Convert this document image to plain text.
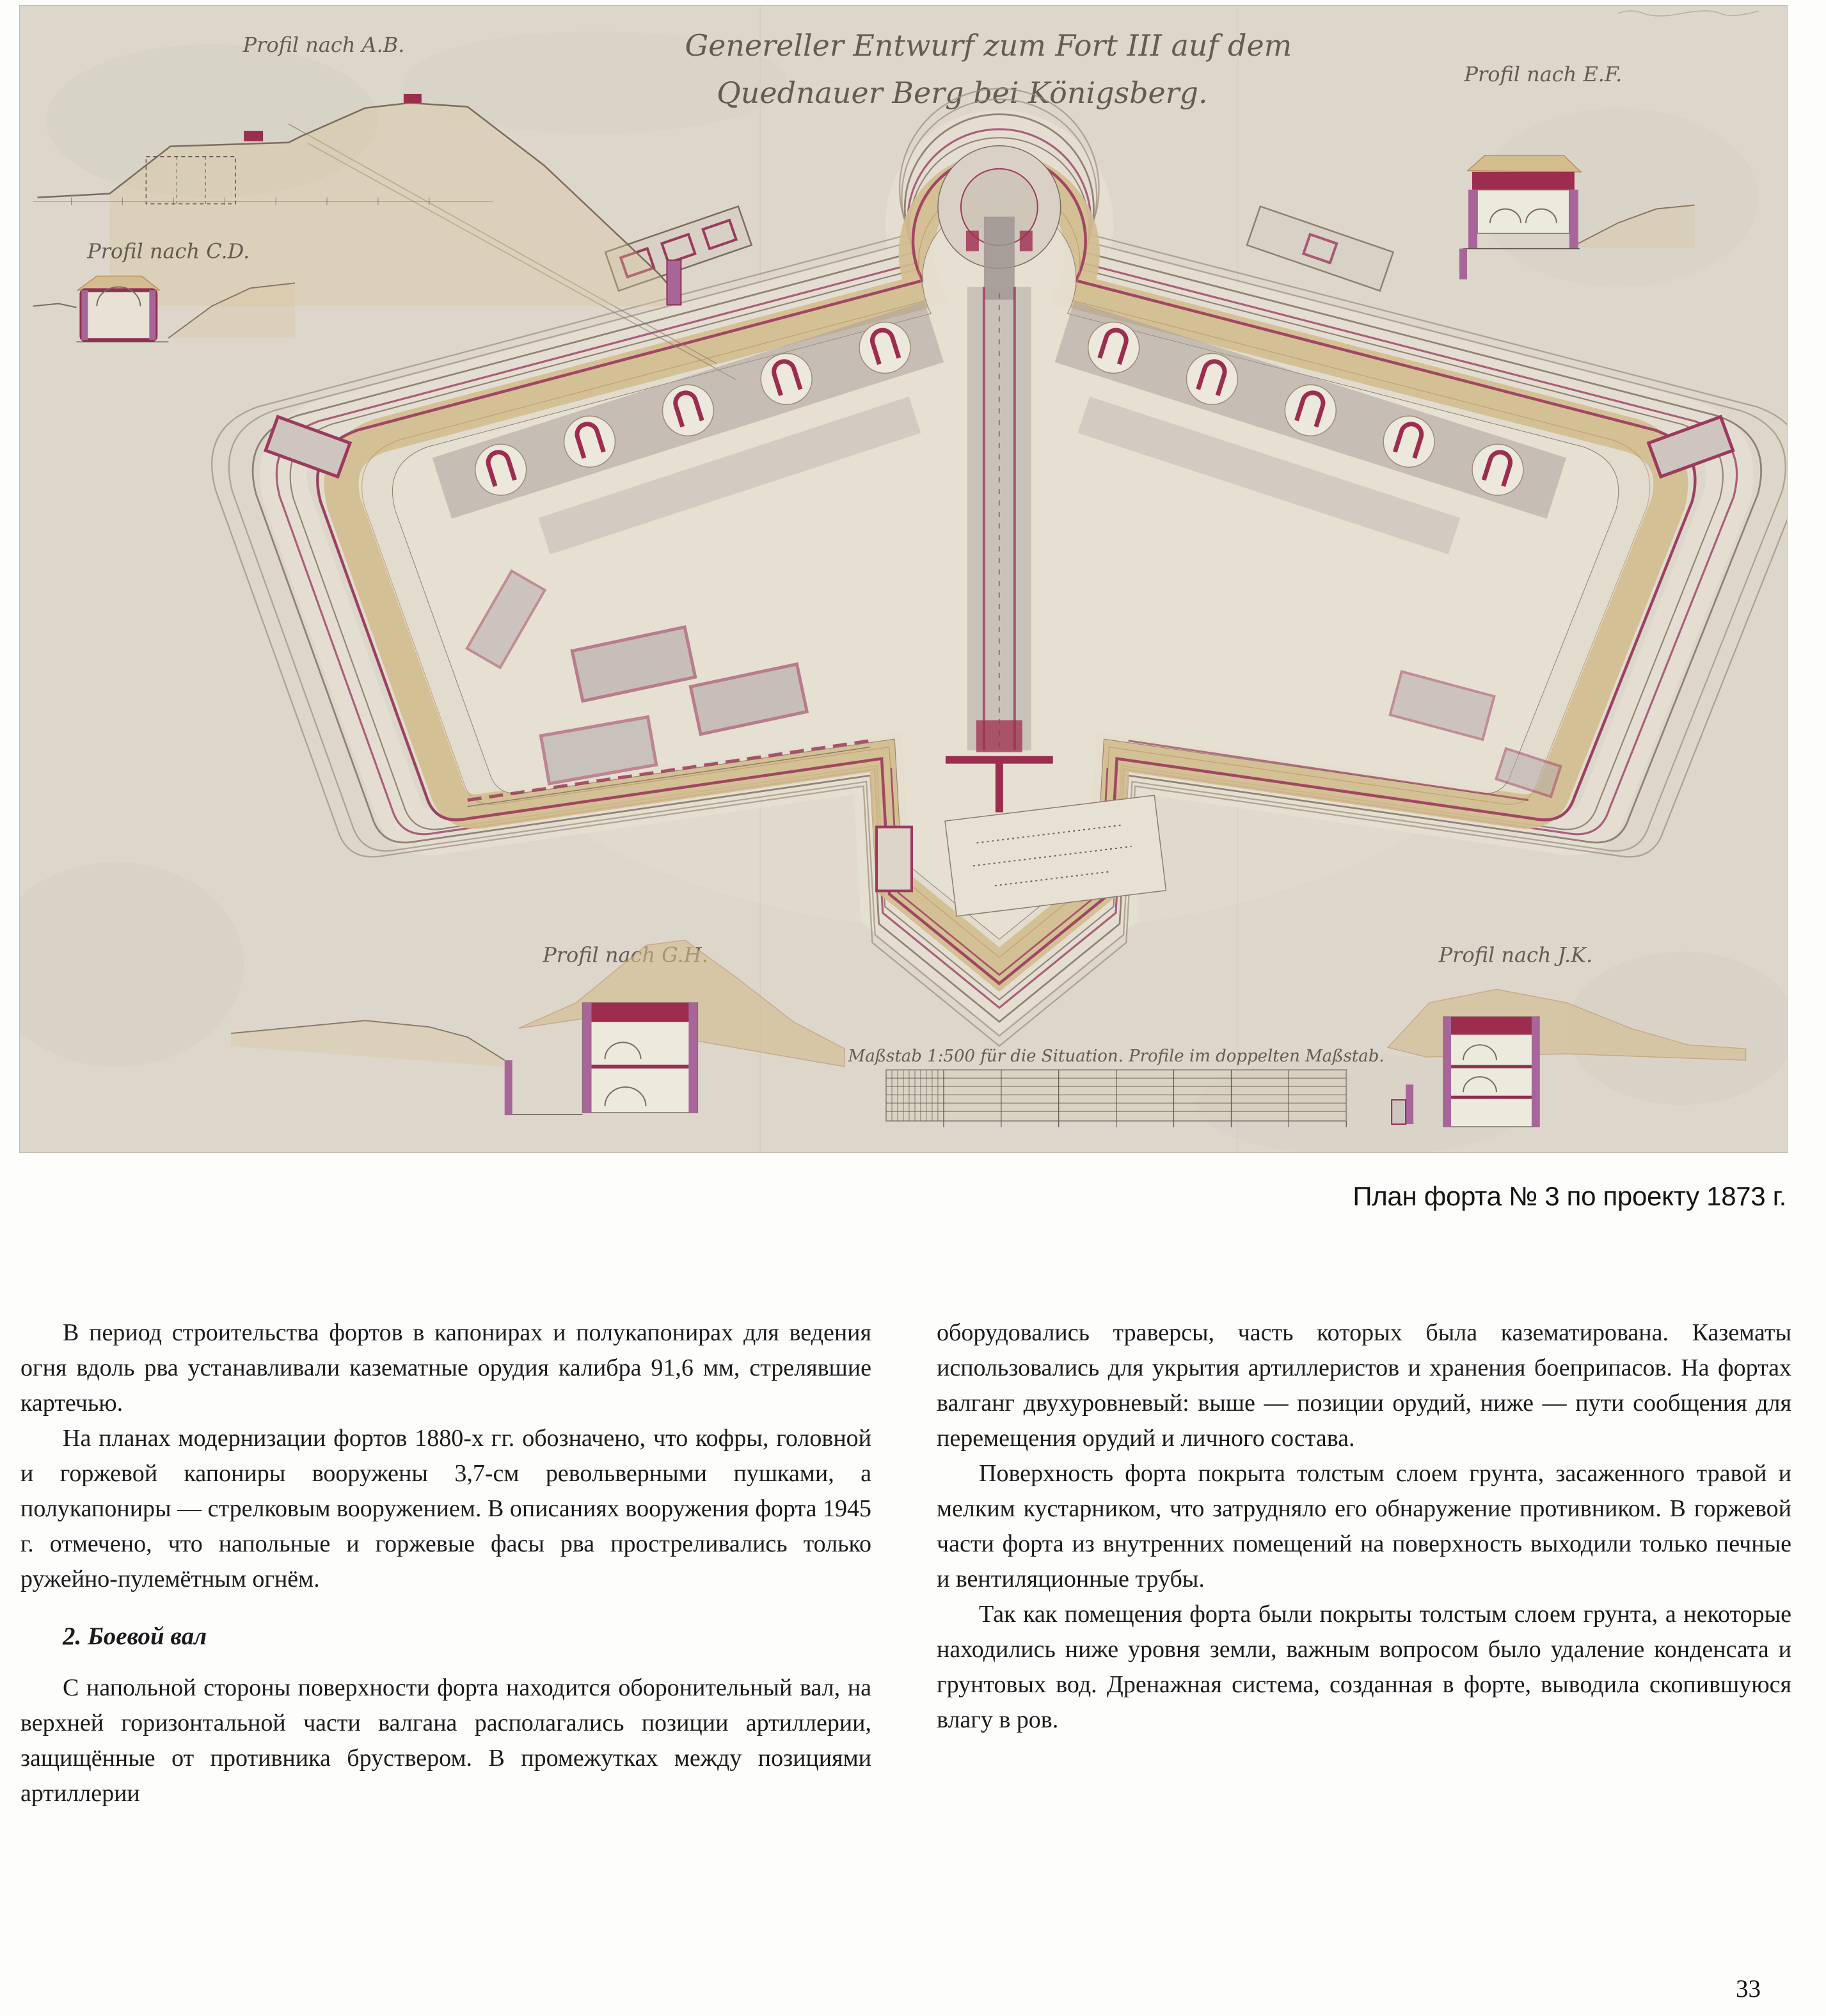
Genereller Entwurf zum Fort III auf dem
Quednauer Berg bei Königsberg.
Profil nach A.B.
Profil nach C.D.
Profil nach E.F.
Profil nach G.H.	Profil nach J.K.
Maßstab 1:500 für die Situation. Profile im doppelten Maßstab.
План форта № 3 по проекту 1873 г.

В период строительства фортов в капонирах и полукапонирах для ведения огня вдоль рва устанавливали казематные орудия калибра 91,6 мм, стрелявшие картечью.

На планах модернизации фортов 1880-х гг. обозначено, что кофры, головной и горжевой капониры вооружены 3,7-см револьверными пушками, а полукапониры — стрелковым вооружением. В описаниях вооружения форта 1945 г. отмечено, что напольные и горжевые фасы рва простреливались только ружейно-пулемётным огнём.

2. Боевой вал

С напольной стороны поверхности форта находится оборонительный вал, на верхней горизонтальной части валгана располагались позиции артиллерии, защищённые от противника бруствером. В промежутках между позициями артиллерии

оборудовались траверсы, часть которых была казематирована. Казематы использовались для укрытия артиллеристов и хранения боеприпасов. На фортах валганг двухуровневый: выше — позиции орудий, ниже — пути сообщения для перемещения орудий и личного состава.

Поверхность форта покрыта толстым слоем грунта, засаженного травой и мелким кустарником, что затрудняло его обнаружение противником. В горжевой части форта из внутренних помещений на поверхность выходили только печные и вентиляционные трубы.

Так как помещения форта были покрыты толстым слоем грунта, а некоторые находились ниже уровня земли, важным вопросом было удаление конденсата и грунтовых вод. Дренажная система, созданная в форте, выводила скопившуюся влагу в ров.

33
